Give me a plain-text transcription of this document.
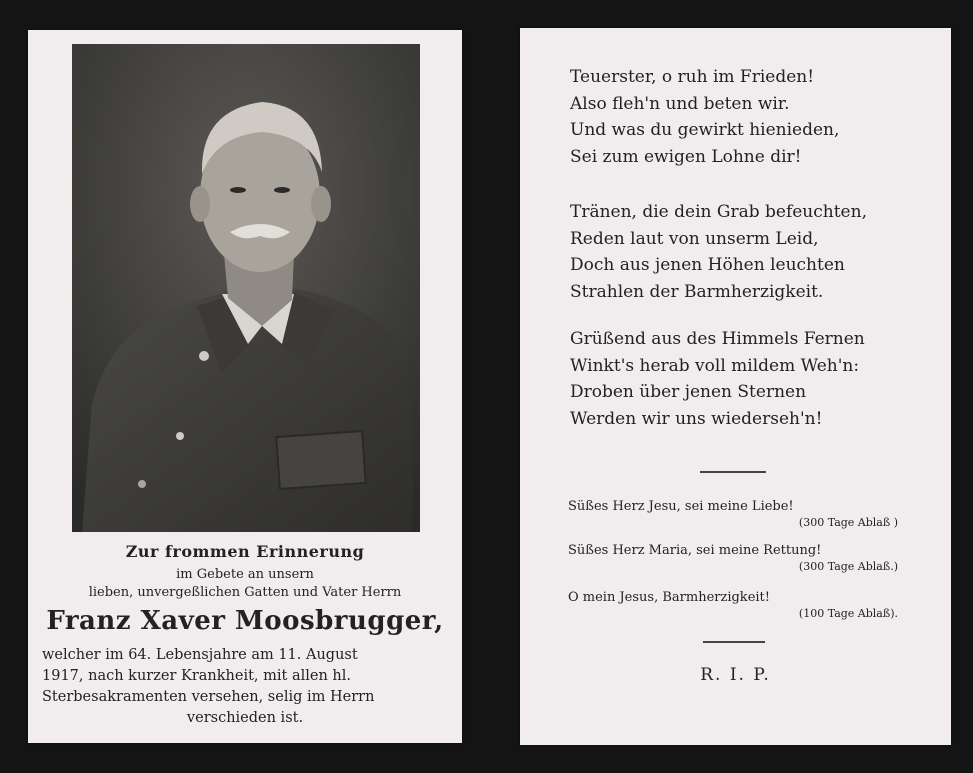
Zur frommen Erinnerung
im Gebete an unsern
lieben, unvergeßlichen Gatten und Vater Herrn
Franz Xaver Moosbrugger,
welcher im 64. Lebensjahre am 11. August
1917, nach kurzer Krankheit, mit allen hl.
Sterbesakramenten versehen, selig im Herrn
verschieden ist.
Teuerster, o ruh im Frieden!
Also fleh'n und beten wir.
Und was du gewirkt hienieden,
Sei zum ewigen Lohne dir!
Tränen, die dein Grab befeuchten,
Reden laut von unserm Leid,
Doch aus jenen Höhen leuchten
Strahlen der Barmherzigkeit.
Grüßend aus des Himmels Fernen
Winkt's herab voll mildem Weh'n:
Droben über jenen Sternen
Werden wir uns wiederseh'n!
Süßes Herz Jesu, sei meine Liebe!
(300 Tage Ablaß )
Süßes Herz Maria, sei meine Rettung!
(300 Tage Ablaß.)
O mein Jesus, Barmherzigkeit!
(100 Tage Ablaß).
R. I. P.
